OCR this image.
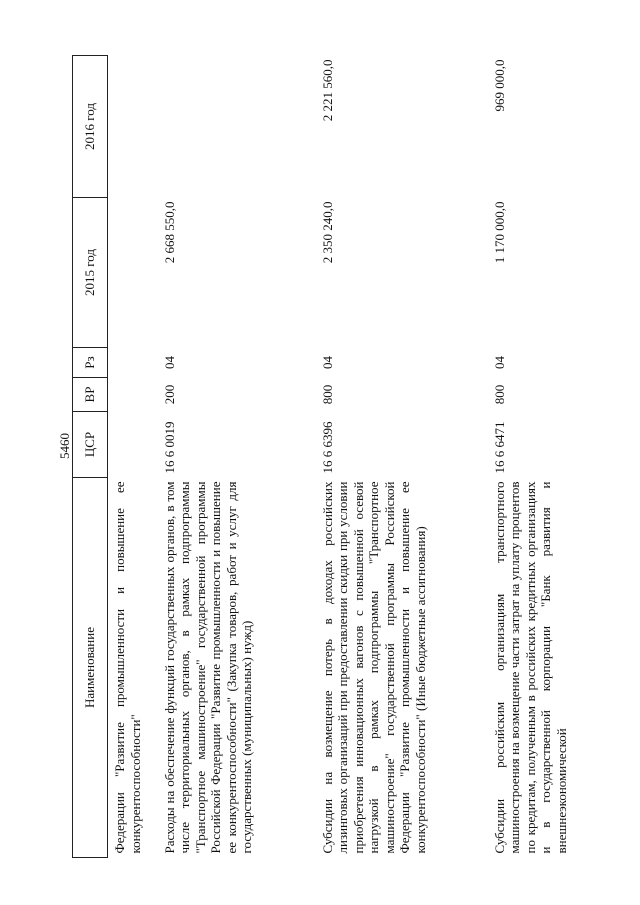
5460
Наименование	ЦСР	ВР	Рз	2015 год	2016 год
Федерации "Развитие промышленности и повышение ее конкурентоспособности"					
Расходы на обеспечение функций государственных органов, в том числе территориальных органов, в рамках подпрограммы "Транспортное машиностроение" государственной программы Российской Федерации "Развитие промышленности и повышение ее конкурентоспособности" (Закупка товаров, работ и услуг для государственных (муниципальных) нужд)	16 6 0019	200	04	2 668 550,0	
Субсидии на возмещение потерь в доходах российских лизинговых организаций при предоставлении скидки при условии приобретения инновационных вагонов с повышенной осевой нагрузкой в рамках подпрограммы "Транспортное машиностроение" государственной программы Российской Федерации "Развитие промышленности и повышение ее конкурентоспособности" (Иные бюджетные ассигнования)	16 6 6396	800	04	2 350 240,0	2 221 560,0
Субсидии российским организациям транспортного машиностроения на возмещение части затрат на уплату процентов по кредитам, полученным в российских кредитных организациях и в государственной корпорации "Банк развития и внешнеэкономической	16 6 6471	800	04	1 170 000,0	969 000,0
